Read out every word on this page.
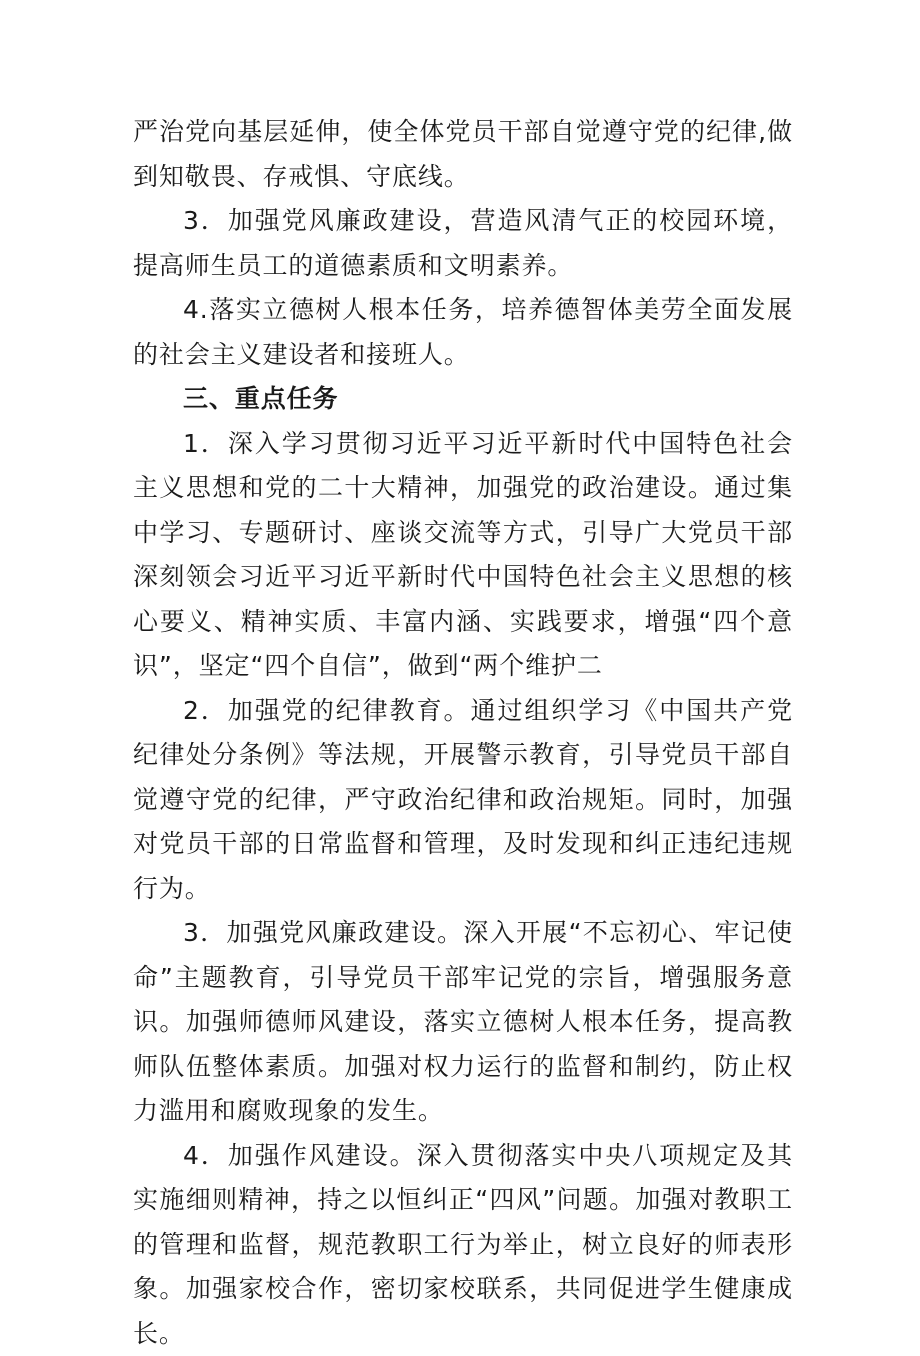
严治党向基层延伸，使全体党员干部自觉遵守党的纪律,做到知敬畏、存戒惧、守底线。

3．加强党风廉政建设，营造风清气正的校园环境，提高师生员工的道德素质和文明素养。

4.落实立德树人根本任务，培养德智体美劳全面发展的社会主义建设者和接班人。

三、重点任务

1．深入学习贯彻习近平习近平新时代中国特色社会主义思想和党的二十大精神，加强党的政治建设。通过集中学习、专题研讨、座谈交流等方式，引导广大党员干部深刻领会习近平习近平新时代中国特色社会主义思想的核心要义、精神实质、丰富内涵、实践要求，增强“四个意识”，坚定“四个自信”，做到“两个维护二

2．加强党的纪律教育。通过组织学习《中国共产党纪律处分条例》等法规，开展警示教育，引导党员干部自觉遵守党的纪律，严守政治纪律和政治规矩。同时，加强对党员干部的日常监督和管理，及时发现和纠正违纪违规行为。

3．加强党风廉政建设。深入开展“不忘初心、牢记使命”主题教育，引导党员干部牢记党的宗旨，增强服务意识。加强师德师风建设，落实立德树人根本任务，提高教师队伍整体素质。加强对权力运行的监督和制约，防止权力滥用和腐败现象的发生。

4．加强作风建设。深入贯彻落实中央八项规定及其实施细则精神，持之以恒纠正“四风”问题。加强对教职工的管理和监督，规范教职工行为举止，树立良好的师表形象。加强家校合作，密切家校联系，共同促进学生健康成长。
